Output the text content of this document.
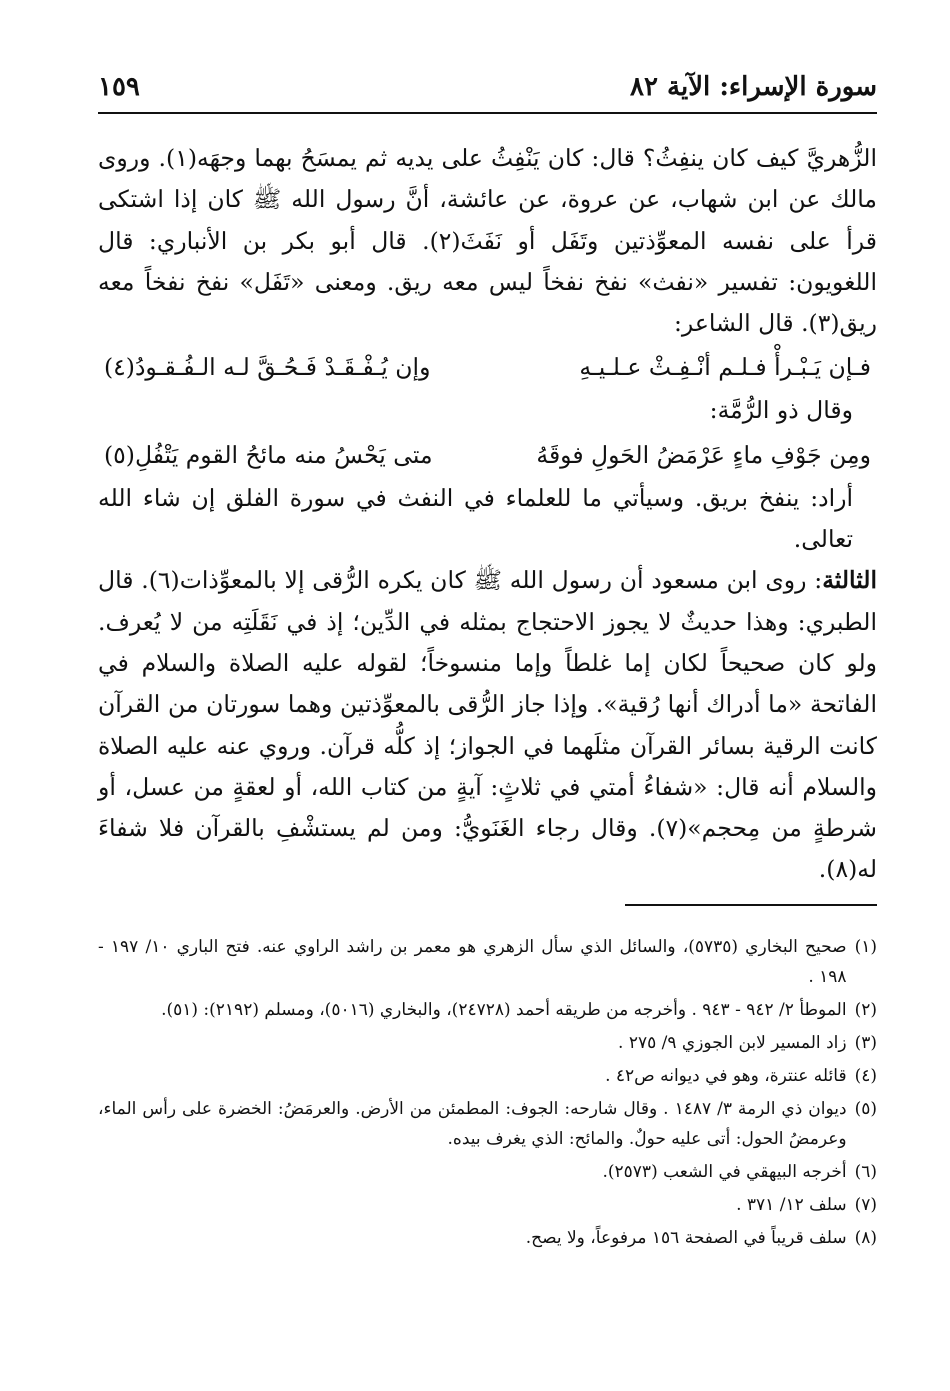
سورة الإسراء: الآية ٨٢
١٥٩

الزُّهريَّ كيف كان ينفِثُ؟ قال: كان يَنْفِثُ على يديه ثم يمسَحُ بهما وجهَه(١). وروى مالك عن ابن شهاب، عن عروة، عن عائشة، أنَّ رسول الله ﷺ كان إذا اشتكى قرأ على نفسه المعوِّذتين وتَفَل أو نَفَثَ(٢). قال أبو بكر بن الأنباري: قال اللغويون: تفسير «نفث» نفخ نفخاً ليس معه ريق. ومعنى «تَفَل» نفخ نفخاً معه ريق(٣). قال الشاعر:

فـإن يَـبْـرأْ فـلـم أنْـفِـثْ عـلـيـهِ
وإن يُـفْـقَـدْ فَـحُـقَّ لـه الـفُـقـودُ(٤)

وقال ذو الرُّمَّة:

ومِن جَوْفِ ماءٍ عَرْمَضُ الحَولِ فوقَهُ
متى يَحْسُ منه مائحُ القوم يَتْفُلِ(٥)

أراد: ينفخ بريق. وسيأتي ما للعلماء في النفث في سورة الفلق إن شاء الله تعالى.

الثالثة: روى ابن مسعود أن رسول الله ﷺ كان يكره الرُّقى إلا بالمعوِّذات(٦). قال الطبري: وهذا حديثٌ لا يجوز الاحتجاج بمثله في الدِّين؛ إذ في نَقَلَتِه من لا يُعرف. ولو كان صحيحاً لكان إما غلطاً وإما منسوخاً؛ لقوله عليه الصلاة والسلام في الفاتحة «ما أدراك أنها رُقية». وإذا جاز الرُّقى بالمعوِّذتين وهما سورتان من القرآن كانت الرقية بسائر القرآن مثلَهما في الجواز؛ إذ كلُّه قرآن. وروي عنه عليه الصلاة والسلام أنه قال: «شفاءُ أمتي في ثلاثٍ: آيةٍ من كتاب الله، أو لعقةٍ من عسل، أو شرطةٍ من مِحجم»(٧). وقال رجاء الغَنَويُّ: ومن لم يستشْفِ بالقرآن فلا شفاءَ له(٨).

(١)
صحيح البخاري (٥٧٣٥)، والسائل الذي سأل الزهري هو معمر بن راشد الراوي عنه. فتح الباري ١٠/ ١٩٧ - ١٩٨ .
(٢)
الموطأ ٢/ ٩٤٢ - ٩٤٣ . وأخرجه من طريقه أحمد (٢٤٧٢٨)، والبخاري (٥٠١٦)، ومسلم (٢١٩٢): (٥١).
(٣)
زاد المسير لابن الجوزي ٩/ ٢٧٥ .
(٤)
قائله عنترة، وهو في ديوانه ص٤٢ .
(٥)
ديوان ذي الرمة ٣/ ١٤٨٧ . وقال شارحه: الجوف: المطمئن من الأرض. والعرمَضُ: الخضرة على رأس الماء، وعرمضُ الحول: أتى عليه حولٌ. والمائح: الذي يغرف بيده.
(٦)
أخرجه البيهقي في الشعب (٢٥٧٣).
(٧)
سلف ١٢/ ٣٧١ .
(٨)
سلف قريباً في الصفحة ١٥٦ مرفوعاً، ولا يصح.
